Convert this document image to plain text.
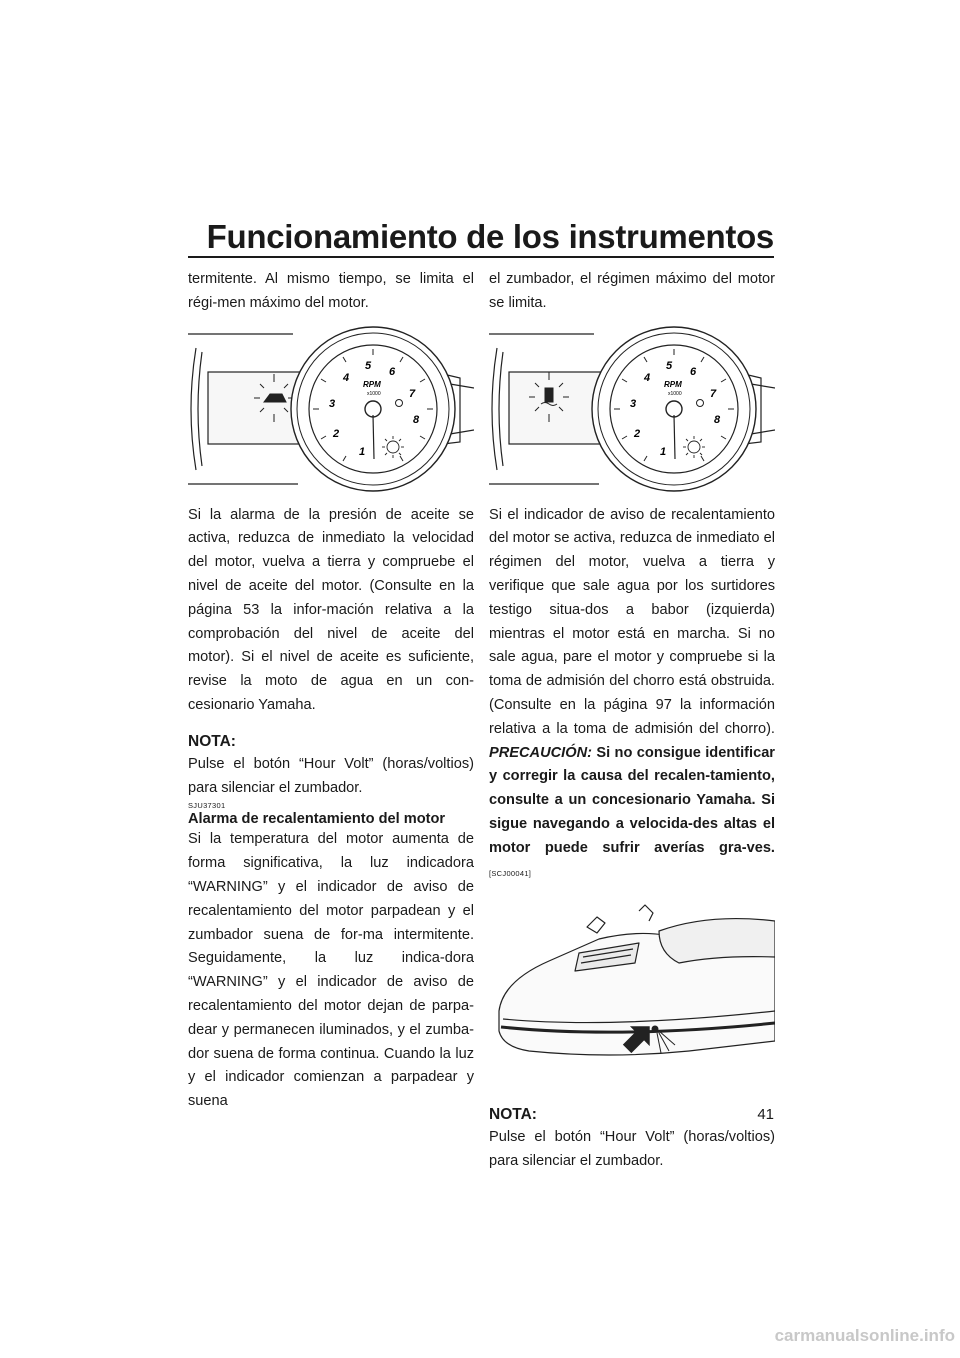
Funcionamiento de los instrumentos

termitente. Al mismo tiempo, se limita el régi-men máximo del motor.

1
2
3
4
5 6
7
8
RPM
x1000

Si la alarma de la presión de aceite se activa, reduzca de inmediato la velocidad del motor, vuelva a tierra y compruebe el nivel de aceite del motor. (Consulte en la página 53 la infor-mación relativa a la comprobación del nivel de aceite del motor). Si el nivel de aceite es suficiente, revise la moto de agua en un con-cesionario Yamaha.

NOTA:

Pulse el botón “Hour Volt” (horas/voltios) para silenciar el zumbador.

SJU37301

Alarma de recalentamiento del motor

Si la temperatura del motor aumenta de forma significativa, la luz indicadora “WARNING” y el indicador de aviso de recalentamiento del motor parpadean y el zumbador suena de for-ma intermitente. Seguidamente, la luz indica-dora “WARNING” y el indicador de aviso de recalentamiento del motor dejan de parpa-dear y permanecen iluminados, y el zumba-dor suena de forma continua. Cuando la luz y el indicador comienzan a parpadear y suena

el zumbador, el régimen máximo del motor se limita.

1
2
3
4
5 6
7
8
RPM
x1000

Si el indicador de aviso de recalentamiento del motor se activa, reduzca de inmediato el régimen del motor, vuelva a tierra y verifique que sale agua por los surtidores testigo situa-dos a babor (izquierda) mientras el motor está en marcha. Si no sale agua, pare el motor y compruebe si la toma de admisión del chorro está obstruida. (Consulte en la página 97 la información relativa a la toma de admisión del chorro). PRECAUCIÓN: Si no consigue identificar y corregir la causa del recalen-tamiento, consulte a un concesionario Yamaha. Si sigue navegando a velocida-des altas el motor puede sufrir averías gra-ves. [SCJ00041]

NOTA:

Pulse el botón “Hour Volt” (horas/voltios) para silenciar el zumbador.

41
carmanualsonline.info
